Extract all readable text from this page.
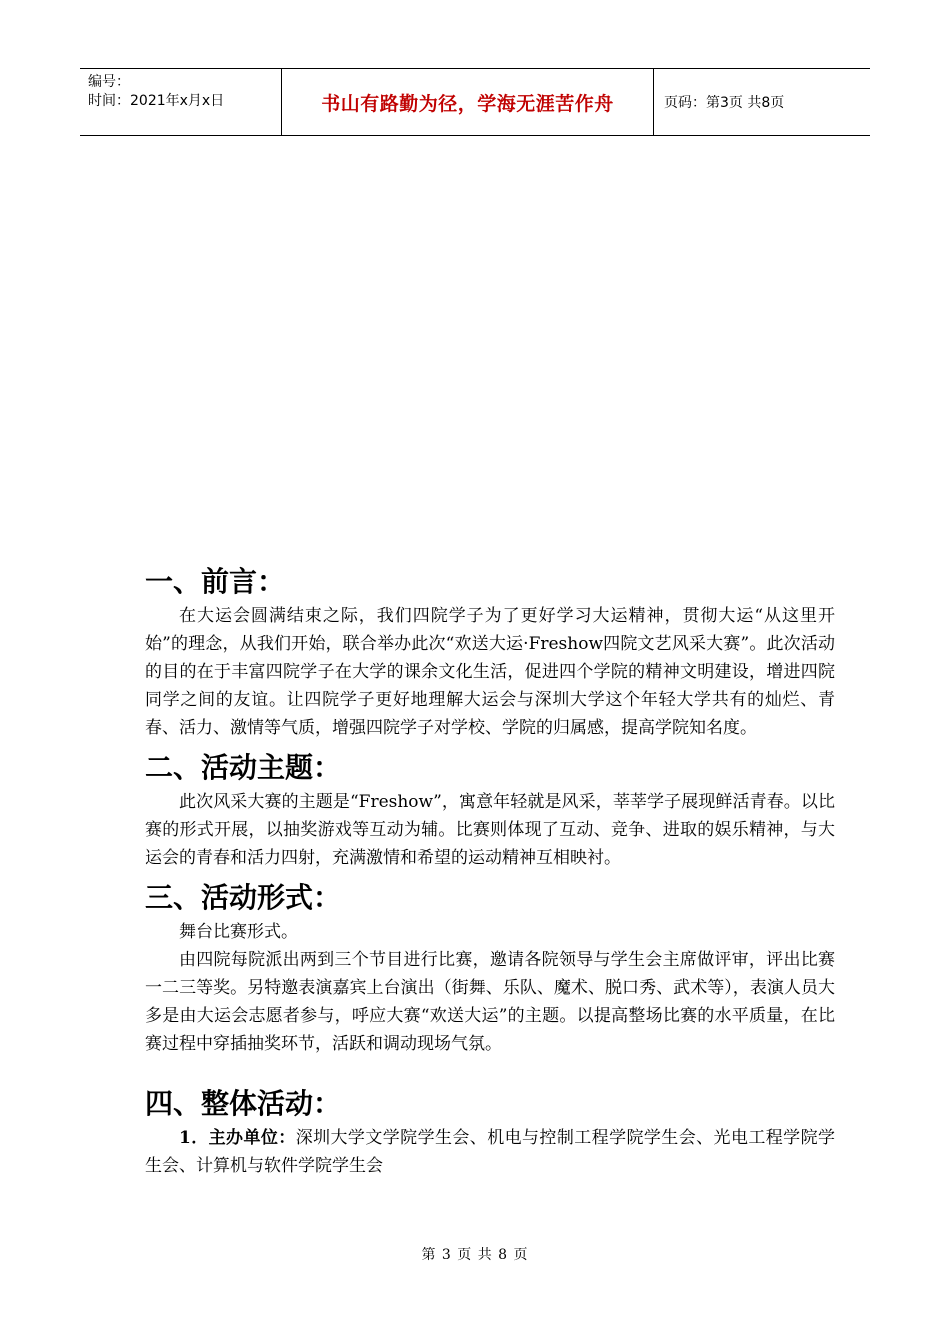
编号：
时间：2021年x月x日	书山有路勤为径，学海无涯苦作舟	页码：第3页 共8页
一、前言：

在大运会圆满结束之际，我们四院学子为了更好学习大运精神，贯彻大运“从这里开始”的理念，从我们开始，联合举办此次“欢送大运·Freshow四院文艺风采大赛”。此次活动的目的在于丰富四院学子在大学的课余文化生活，促进四个学院的精神文明建设，增进四院同学之间的友谊。让四院学子更好地理解大运会与深圳大学这个年轻大学共有的灿烂、青春、活力、激情等气质，增强四院学子对学校、学院的归属感，提高学院知名度。

二、活动主题：

此次风采大赛的主题是“Freshow”，寓意年轻就是风采，莘莘学子展现鲜活青春。以比赛的形式开展，以抽奖游戏等互动为辅。比赛则体现了互动、竞争、进取的娱乐精神，与大运会的青春和活力四射，充满激情和希望的运动精神互相映衬。

三、活动形式：

舞台比赛形式。

由四院每院派出两到三个节目进行比赛，邀请各院领导与学生会主席做评审，评出比赛一二三等奖。另特邀表演嘉宾上台演出（街舞、乐队、魔术、脱口秀、武术等），表演人员大多是由大运会志愿者参与，呼应大赛“欢送大运”的主题。以提高整场比赛的水平质量，在比赛过程中穿插抽奖环节，活跃和调动现场气氛。

四、整体活动：

1．主办单位：深圳大学文学院学生会、机电与控制工程学院学生会、光电工程学院学生会、计算机与软件学院学生会

第 3 页 共 8 页
